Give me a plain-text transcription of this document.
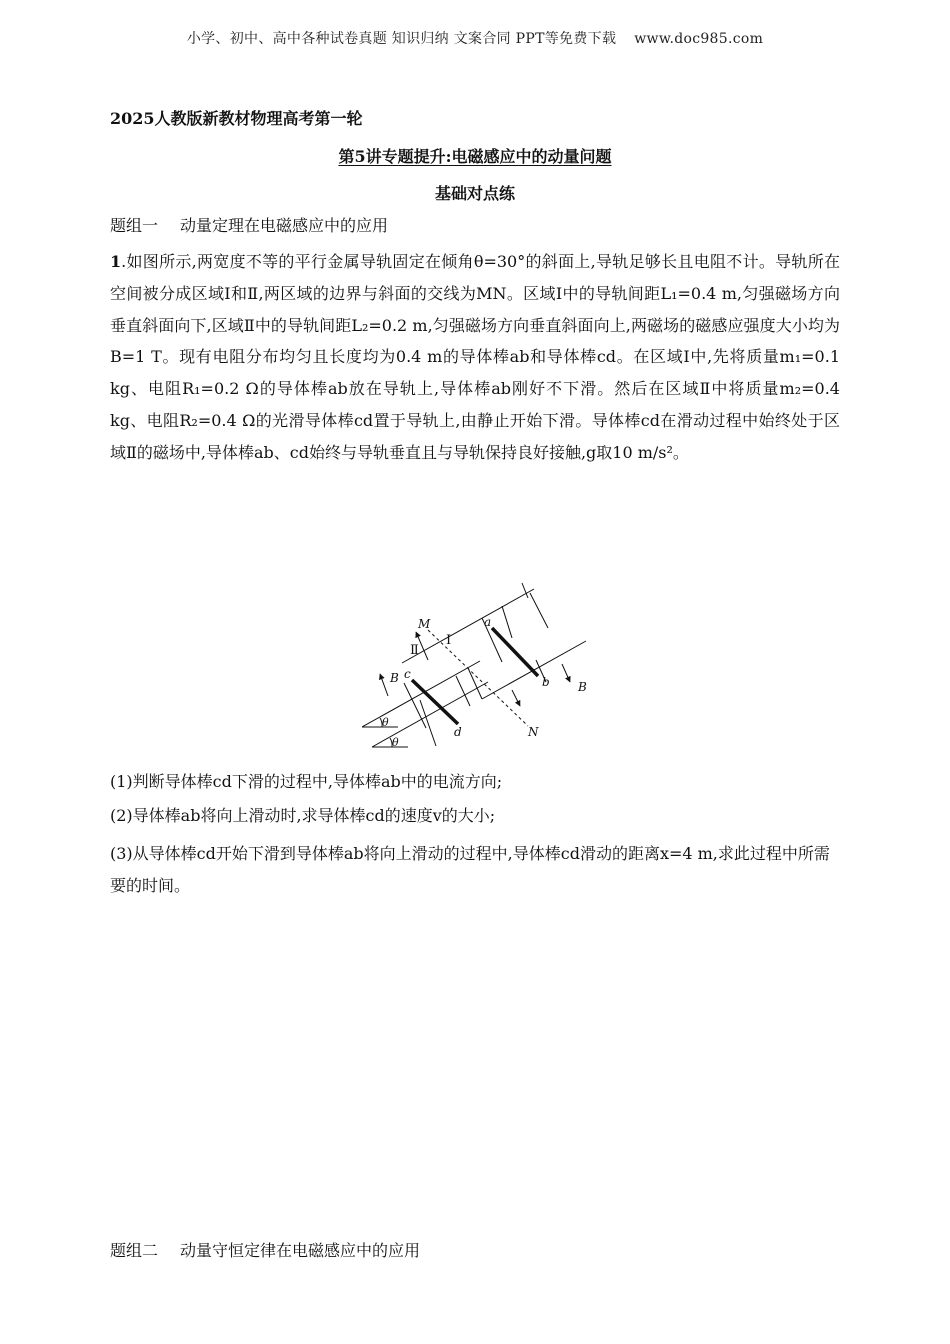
小学、初中、高中各种试卷真题 知识归纳 文案合同 PPT等免费下载 www.doc985.com
2025人教版新教材物理高考第一轮
第5讲专题提升:电磁感应中的动量问题
基础对点练
题组一 动量定理在电磁感应中的应用

1.如图所示,两宽度不等的平行金属导轨固定在倾角θ=30°的斜面上,导轨足够长且电阻不计。导轨所在空间被分成区域Ⅰ和Ⅱ,两区域的边界与斜面的交线为MN。区域Ⅰ中的导轨间距L₁=0.4 m,匀强磁场方向垂直斜面向下,区域Ⅱ中的导轨间距L₂=0.2 m,匀强磁场方向垂直斜面向上,两磁场的磁感应强度大小均为B=1 T。现有电阻分布均匀且长度均为0.4 m的导体棒ab和导体棒cd。在区域Ⅰ中,先将质量m₁=0.1 kg、电阻R₁=0.2 Ω的导体棒ab放在导轨上,导体棒ab刚好不下滑。然后在区域Ⅱ中将质量m₂=0.4 kg、电阻R₂=0.4 Ω的光滑导体棒cd置于导轨上,由静止开始下滑。导体棒cd在滑动过程中始终处于区域Ⅱ的磁场中,导体棒ab、cd始终与导轨垂直且与导轨保持良好接触,g取10 m/s²。

M
N
Ⅰ
Ⅱ
a
b
c
d
B
B
θ
θ

(1)判断导体棒cd下滑的过程中,导体棒ab中的电流方向;

(2)导体棒ab将向上滑动时,求导体棒cd的速度v的大小;

(3)从导体棒cd开始下滑到导体棒ab将向上滑动的过程中,导体棒cd滑动的距离x=4 m,求此过程中所需要的时间。

题组二 动量守恒定律在电磁感应中的应用
